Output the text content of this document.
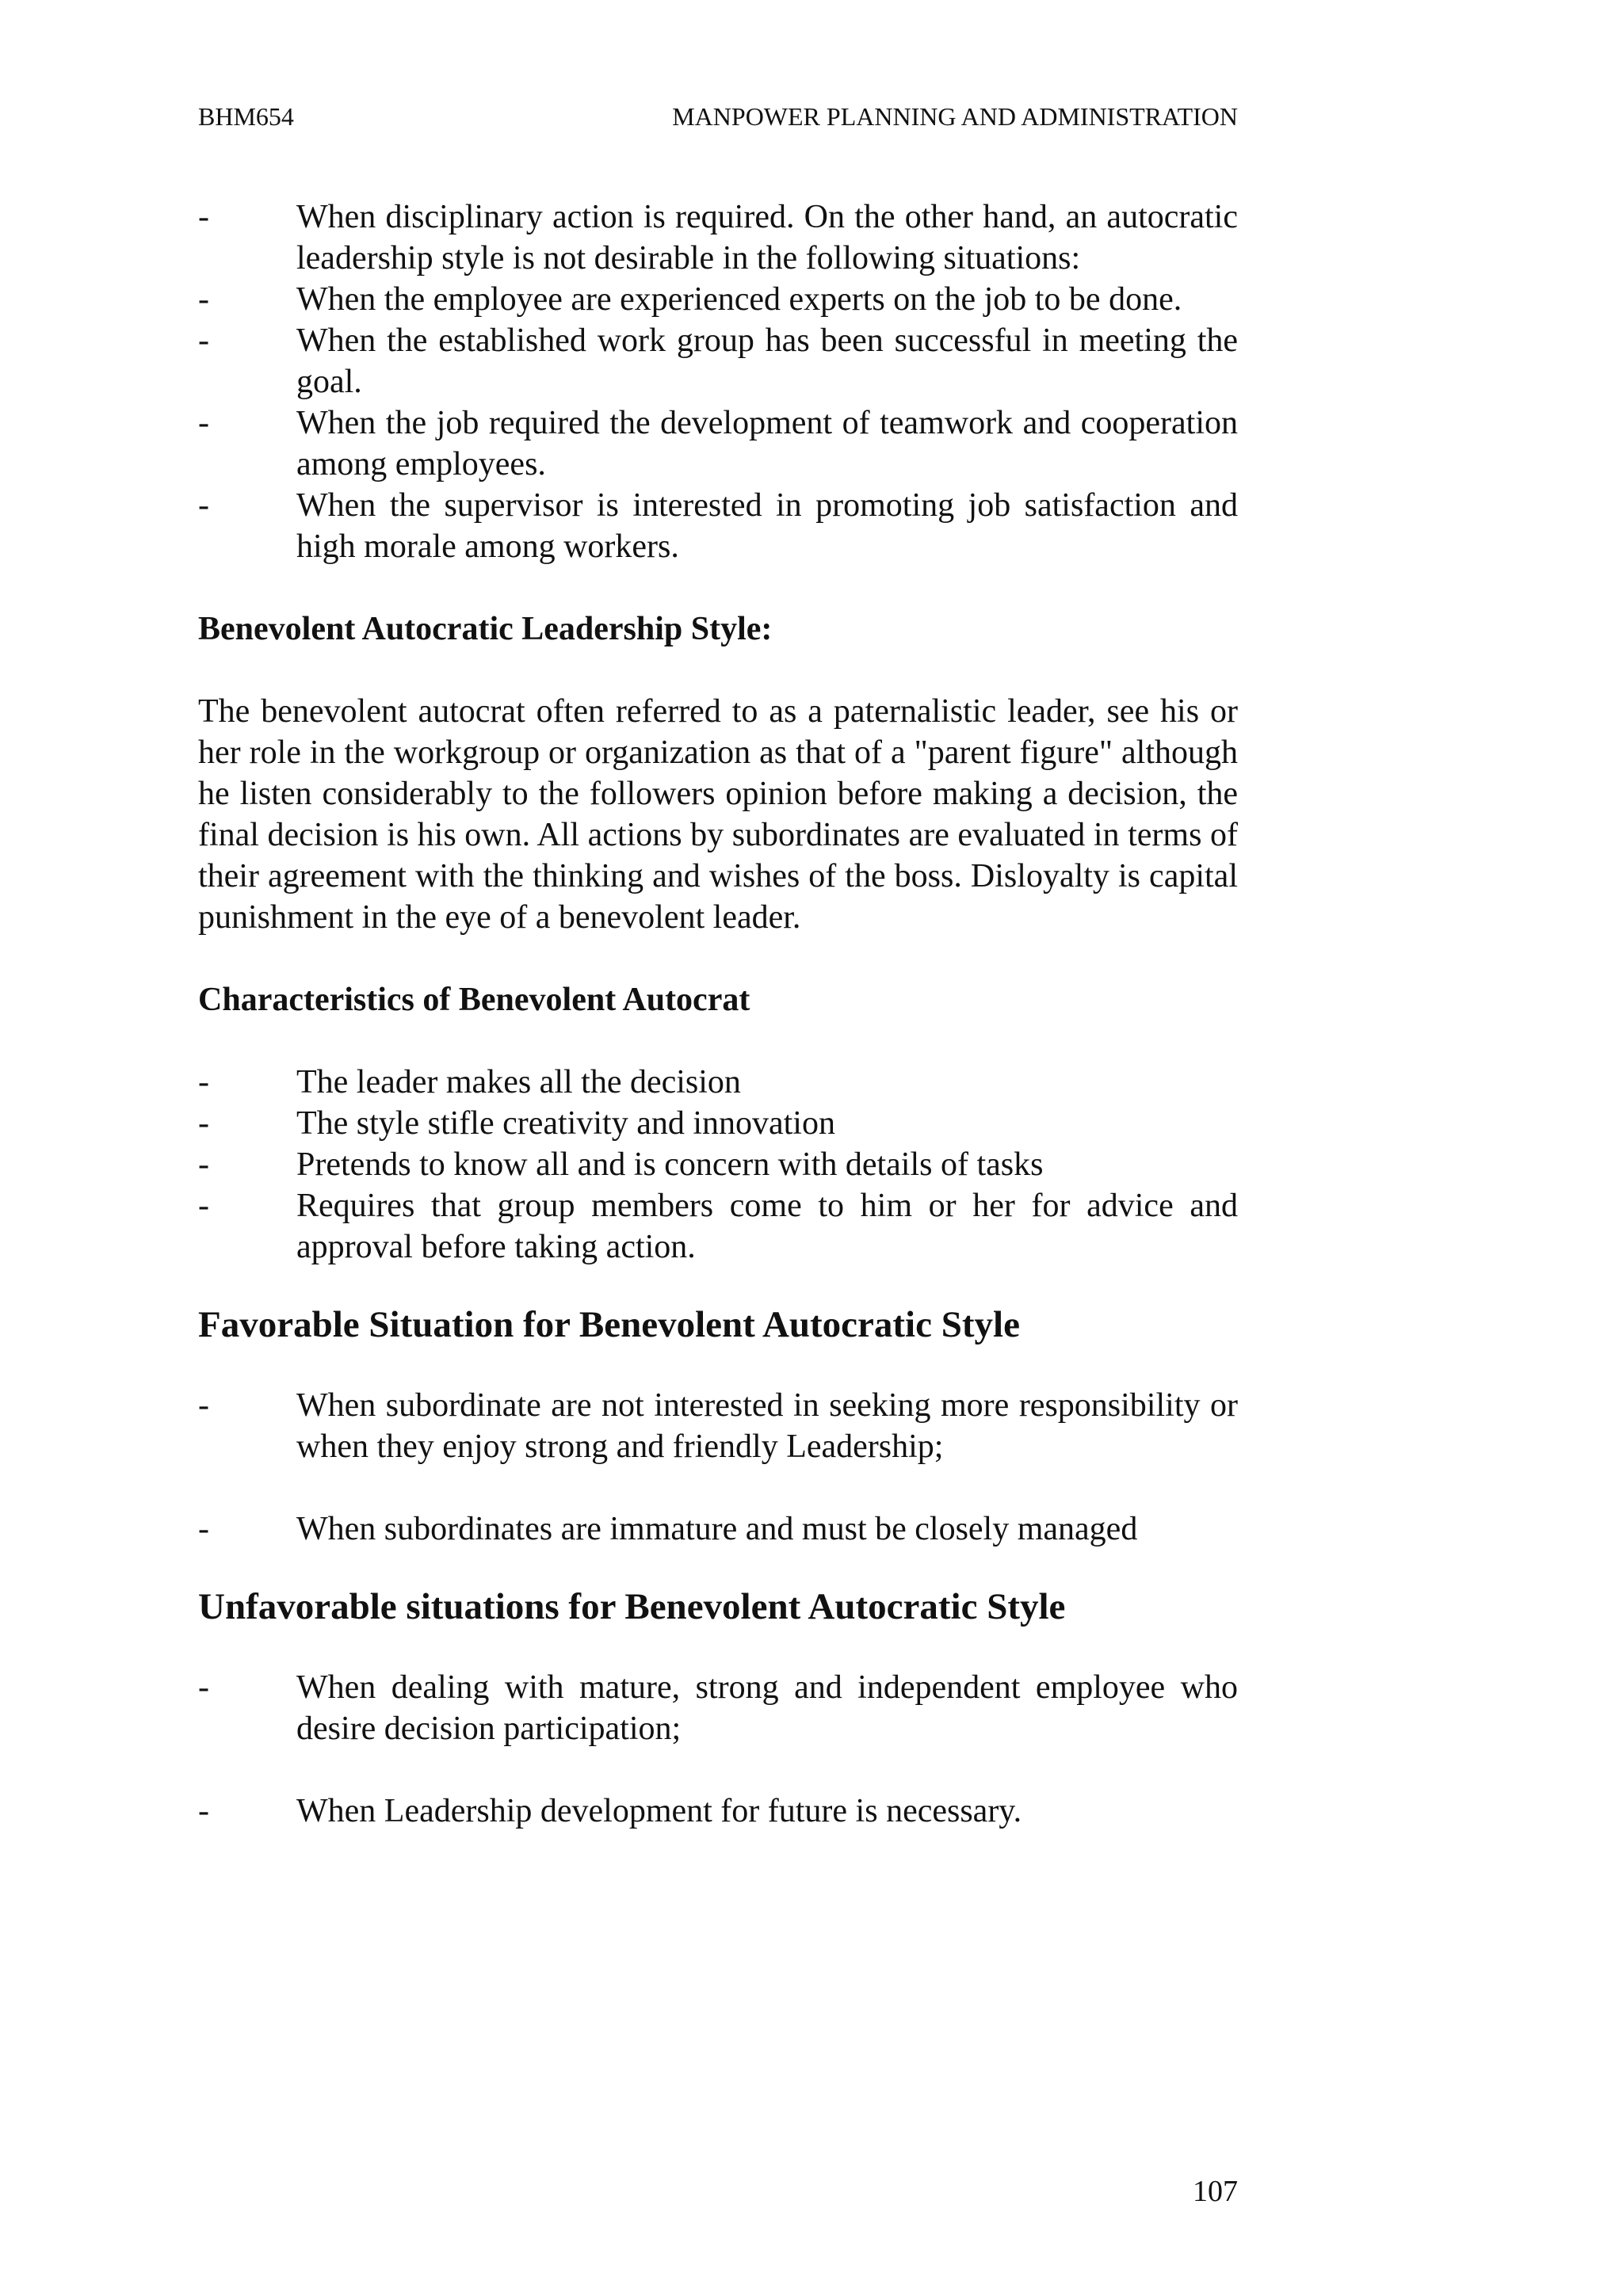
BHM654	MANPOWER PLANNING AND ADMINISTRATION
-	When disciplinary action is required. On the other hand, an autocratic leadership style is not desirable in the following situations:
-	When the employee are experienced experts on the job to be done.
-	When the established work group has been successful in meeting the goal.
-	When the job required the development of teamwork and cooperation among employees.
-	When the supervisor is interested in promoting job satisfaction and high morale among workers.
Benevolent Autocratic Leadership Style:

The benevolent autocrat often referred to as a paternalistic leader, see his or her role in the workgroup or organization as that of a "parent figure" although he listen considerably to the followers opinion before making a decision, the final decision is his own. All actions by subordinates are evaluated in terms of their agreement with the thinking and wishes of the boss. Disloyalty is capital punishment in the eye of a benevolent leader.

Characteristics of Benevolent Autocrat
-	The leader makes all the decision
-	The style stifle creativity and innovation
-	Pretends to know all and is concern with details of tasks
-	Requires that group members come to him or her for advice and approval before taking action.
Favorable Situation for Benevolent Autocratic Style
-	When subordinate are not interested in seeking more responsibility or when they enjoy strong and friendly Leadership;
-	When subordinates are immature and must be closely managed
Unfavorable situations for Benevolent Autocratic Style
-	When dealing with mature, strong and independent employee who desire decision participation;
-	When Leadership development for future is necessary.
107
